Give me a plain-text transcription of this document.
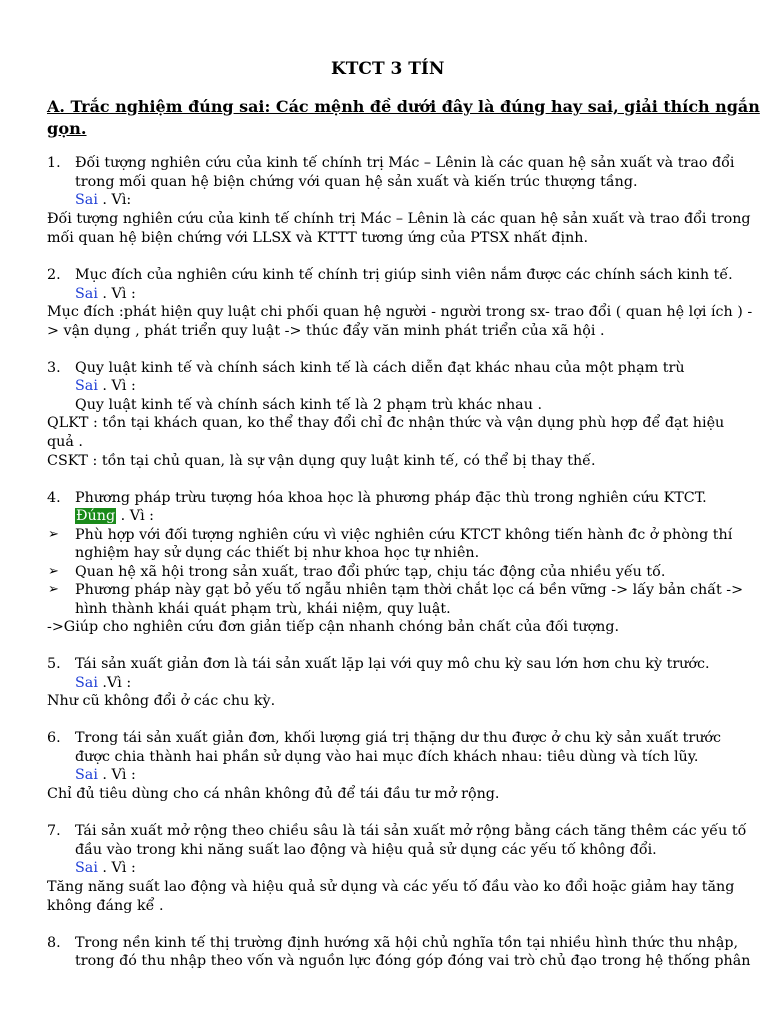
KTCT 3 TÍN
A. Trắc nghiệm đúng sai: Các mệnh đề dưới đây là đúng hay sai, giải thích ngắn
gọn.
1. Đối tượng nghiên cứu của kinh tế chính trị Mác – Lênin là các quan hệ sản xuất và trao đổi
trong mối quan hệ biện chứng với quan hệ sản xuất và kiến trúc thượng tầng.
Sai . Vì:
Đối tượng nghiên cứu của kinh tế chính trị Mác – Lênin là các quan hệ sản xuất và trao đổi trong
mối quan hệ biện chứng với LLSX và KTTT tương ứng của PTSX nhất định.
2. Mục đích của nghiên cứu kinh tế chính trị giúp sinh viên nắm được các chính sách kinh tế.
Sai . Vì :
Mục đích :phát hiện quy luật chi phối quan hệ người - người trong sx- trao đổi ( quan hệ lợi ích ) -
> vận dụng , phát triển quy luật -> thúc đẩy văn minh phát triển của xã hội .
3. Quy luật kinh tế và chính sách kinh tế là cách diễn đạt khác nhau của một phạm trù
Sai . Vì :
Quy luật kinh tế và chính sách kinh tế là 2 phạm trù khác nhau .
QLKT : tồn tại khách quan, ko thể thay đổi chỉ đc nhận thức và vận dụng phù hợp để đạt hiệu
quả .
CSKT : tồn tại chủ quan, là sự vận dụng quy luật kinh tế, có thể bị thay thế.
4. Phương pháp trừu tượng hóa khoa học là phương pháp đặc thù trong nghiên cứu KTCT.
Đúng . Vì :
➢ Phù hợp với đối tượng nghiên cứu vì việc nghiên cứu KTCT không tiến hành đc ở phòng thí
nghiệm hay sử dụng các thiết bị như khoa học tự nhiên.
➢ Quan hệ xã hội trong sản xuất, trao đổi phức tạp, chịu tác động của nhiều yếu tố.
➢ Phương pháp này gạt bỏ yếu tố ngẫu nhiên tạm thời chắt lọc cá bền vững -> lấy bản chất ->
hình thành khái quát phạm trù, khái niệm, quy luật.
->Giúp cho nghiên cứu đơn giản tiếp cận nhanh chóng bản chất của đối tượng.
5. Tái sản xuất giản đơn là tái sản xuất lặp lại với quy mô chu kỳ sau lớn hơn chu kỳ trước.
Sai .Vì :
Như cũ không đổi ở các chu kỳ.
6. Trong tái sản xuất giản đơn, khối lượng giá trị thặng dư thu được ở chu kỳ sản xuất trước
được chia thành hai phần sử dụng vào hai mục đích khách nhau: tiêu dùng và tích lũy.
Sai . Vì :
Chỉ đủ tiêu dùng cho cá nhân không đủ để tái đầu tư mở rộng.
7. Tái sản xuất mở rộng theo chiều sâu là tái sản xuất mở rộng bằng cách tăng thêm các yếu tố
đầu vào trong khi năng suất lao động và hiệu quả sử dụng các yếu tố không đổi.
Sai . Vì :
Tăng năng suất lao động và hiệu quả sử dụng và các yếu tố đầu vào ko đổi hoặc giảm hay tăng
không đáng kể .
8. Trong nền kinh tế thị trường định hướng xã hội chủ nghĩa tồn tại nhiều hình thức thu nhập,
trong đó thu nhập theo vốn và nguồn lực đóng góp đóng vai trò chủ đạo trong hệ thống phân
